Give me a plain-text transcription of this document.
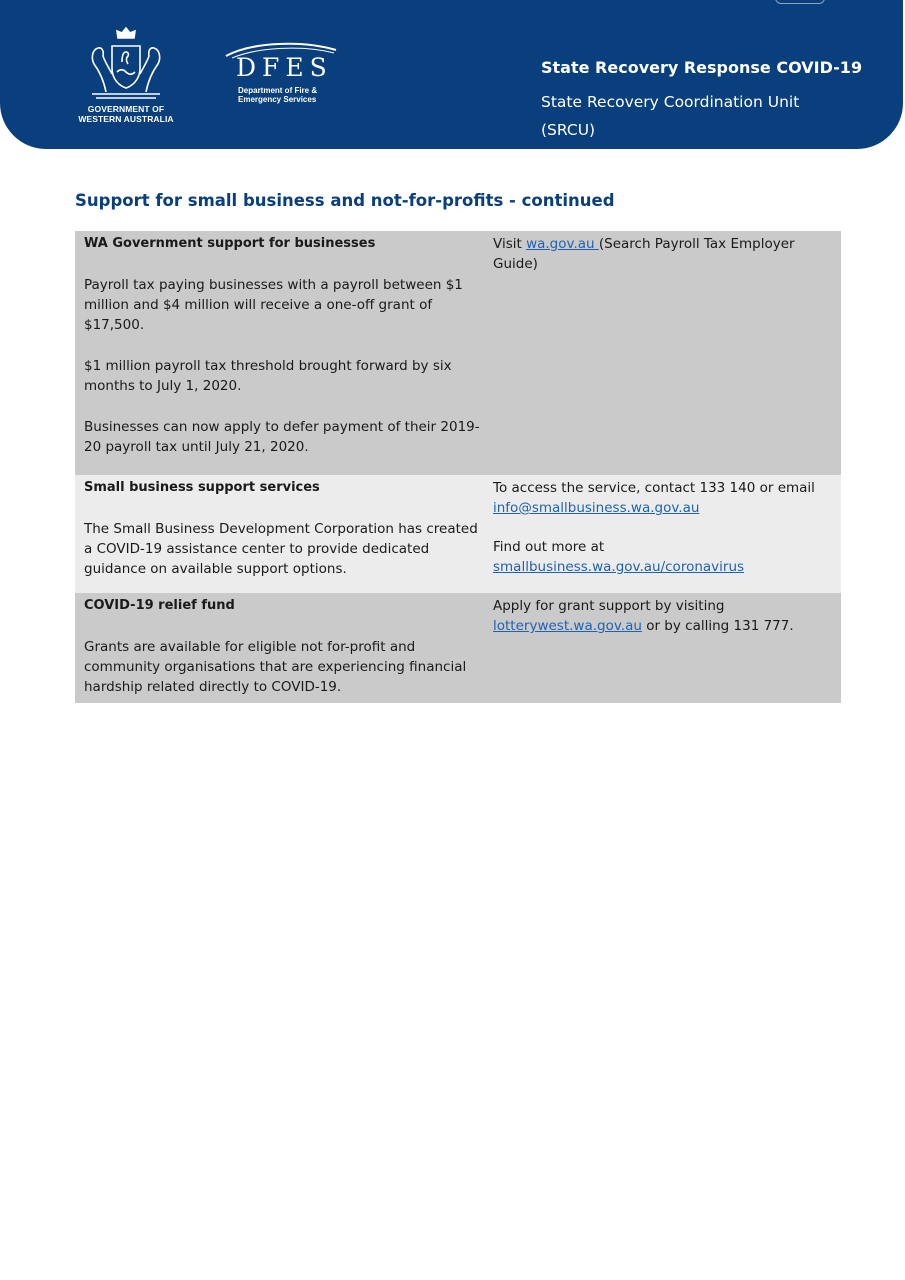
GOVERNMENT OF
WESTERN AUSTRALIA
DFES
Department of Fire &
Emergency Services
State Recovery Response COVID-19
State Recovery Coordination Unit
(SRCU)
Support for small business and not-for-profits - continued
WA Government support for businesses
Payroll tax paying businesses with a payroll between $1 million and $4 million will receive a one-off grant of $17,500.
$1 million payroll tax threshold brought forward by six months to July 1, 2020.
Businesses can now apply to defer payment of their 2019-20 payroll tax until July 21, 2020.
Visit wa.gov.au (Search Payroll Tax Employer Guide)
Small business support services
The Small Business Development Corporation has created a COVID-19 assistance center to provide dedicated guidance on available support options.
To access the service, contact 133 140 or email
info@smallbusiness.wa.gov.au
Find out more at
smallbusiness.wa.gov.au/coronavirus
COVID-19 relief fund
Grants are available for eligible not for-profit and community organisations that are experiencing financial hardship related directly to COVID-19.
Apply for grant support by visiting
lotterywest.wa.gov.au or by calling 131 777.
